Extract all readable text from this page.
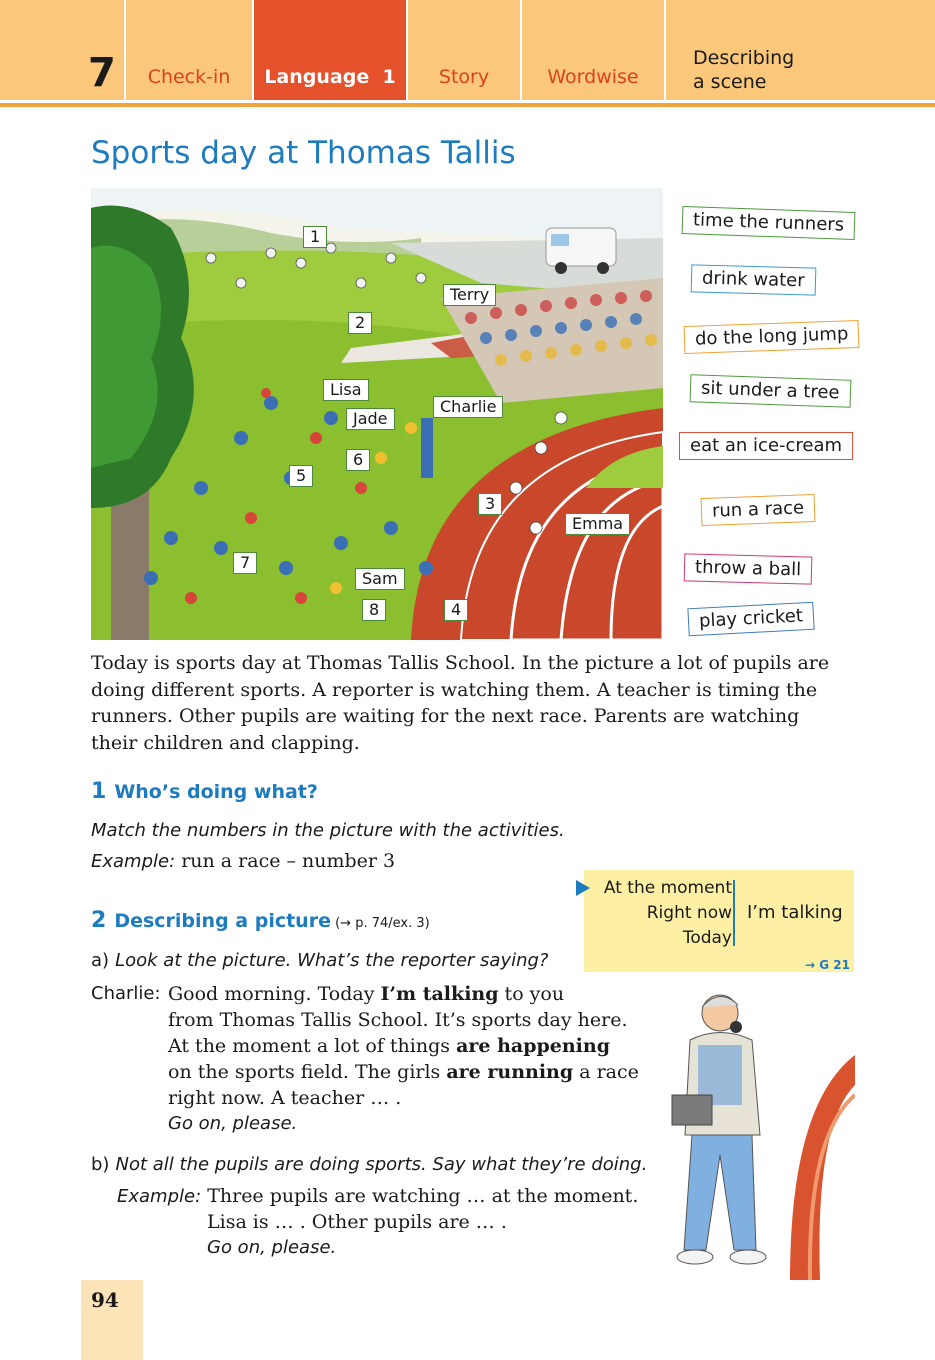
7	Check-in	Language  1	Story	Wordwise
Describing
a scene
Sports day at Thomas Tallis
1
Terry
2
Lisa
Jade
Charlie
6
5
3
Emma
7
Sam
8	4
time the runners
drink water
do the long jump
sit under a tree
eat an ice-cream
run a race
throw a ball
play cricket

Today is sports day at Thomas Tallis School. In the picture a lot of pupils are doing different sports. A reporter is watching them. A teacher is timing the runners. Other pupils are waiting for the next race. Parents are watching their children and clapping.

1 Who’s doing what?
Match the numbers in the picture with the activities.
Example: run a race – number 3
At the moment
Right now
Today
I’m talking
→ G 21
2 Describing a picture (→ p. 74/ex. 3)
a) Look at the picture. What’s the reporter saying?
Charlie: Good morning. Today I’m talking to you
from Thomas Tallis School. It’s sports day here.
At the moment a lot of things are happening
on the sports field. The girls are running a race
right now. A teacher … .
Go on, please.
b) Not all the pupils are doing sports. Say what they’re doing.
Example: Three pupils are watching … at the moment.
Lisa is … . Other pupils are … .
Go on, please.
94
